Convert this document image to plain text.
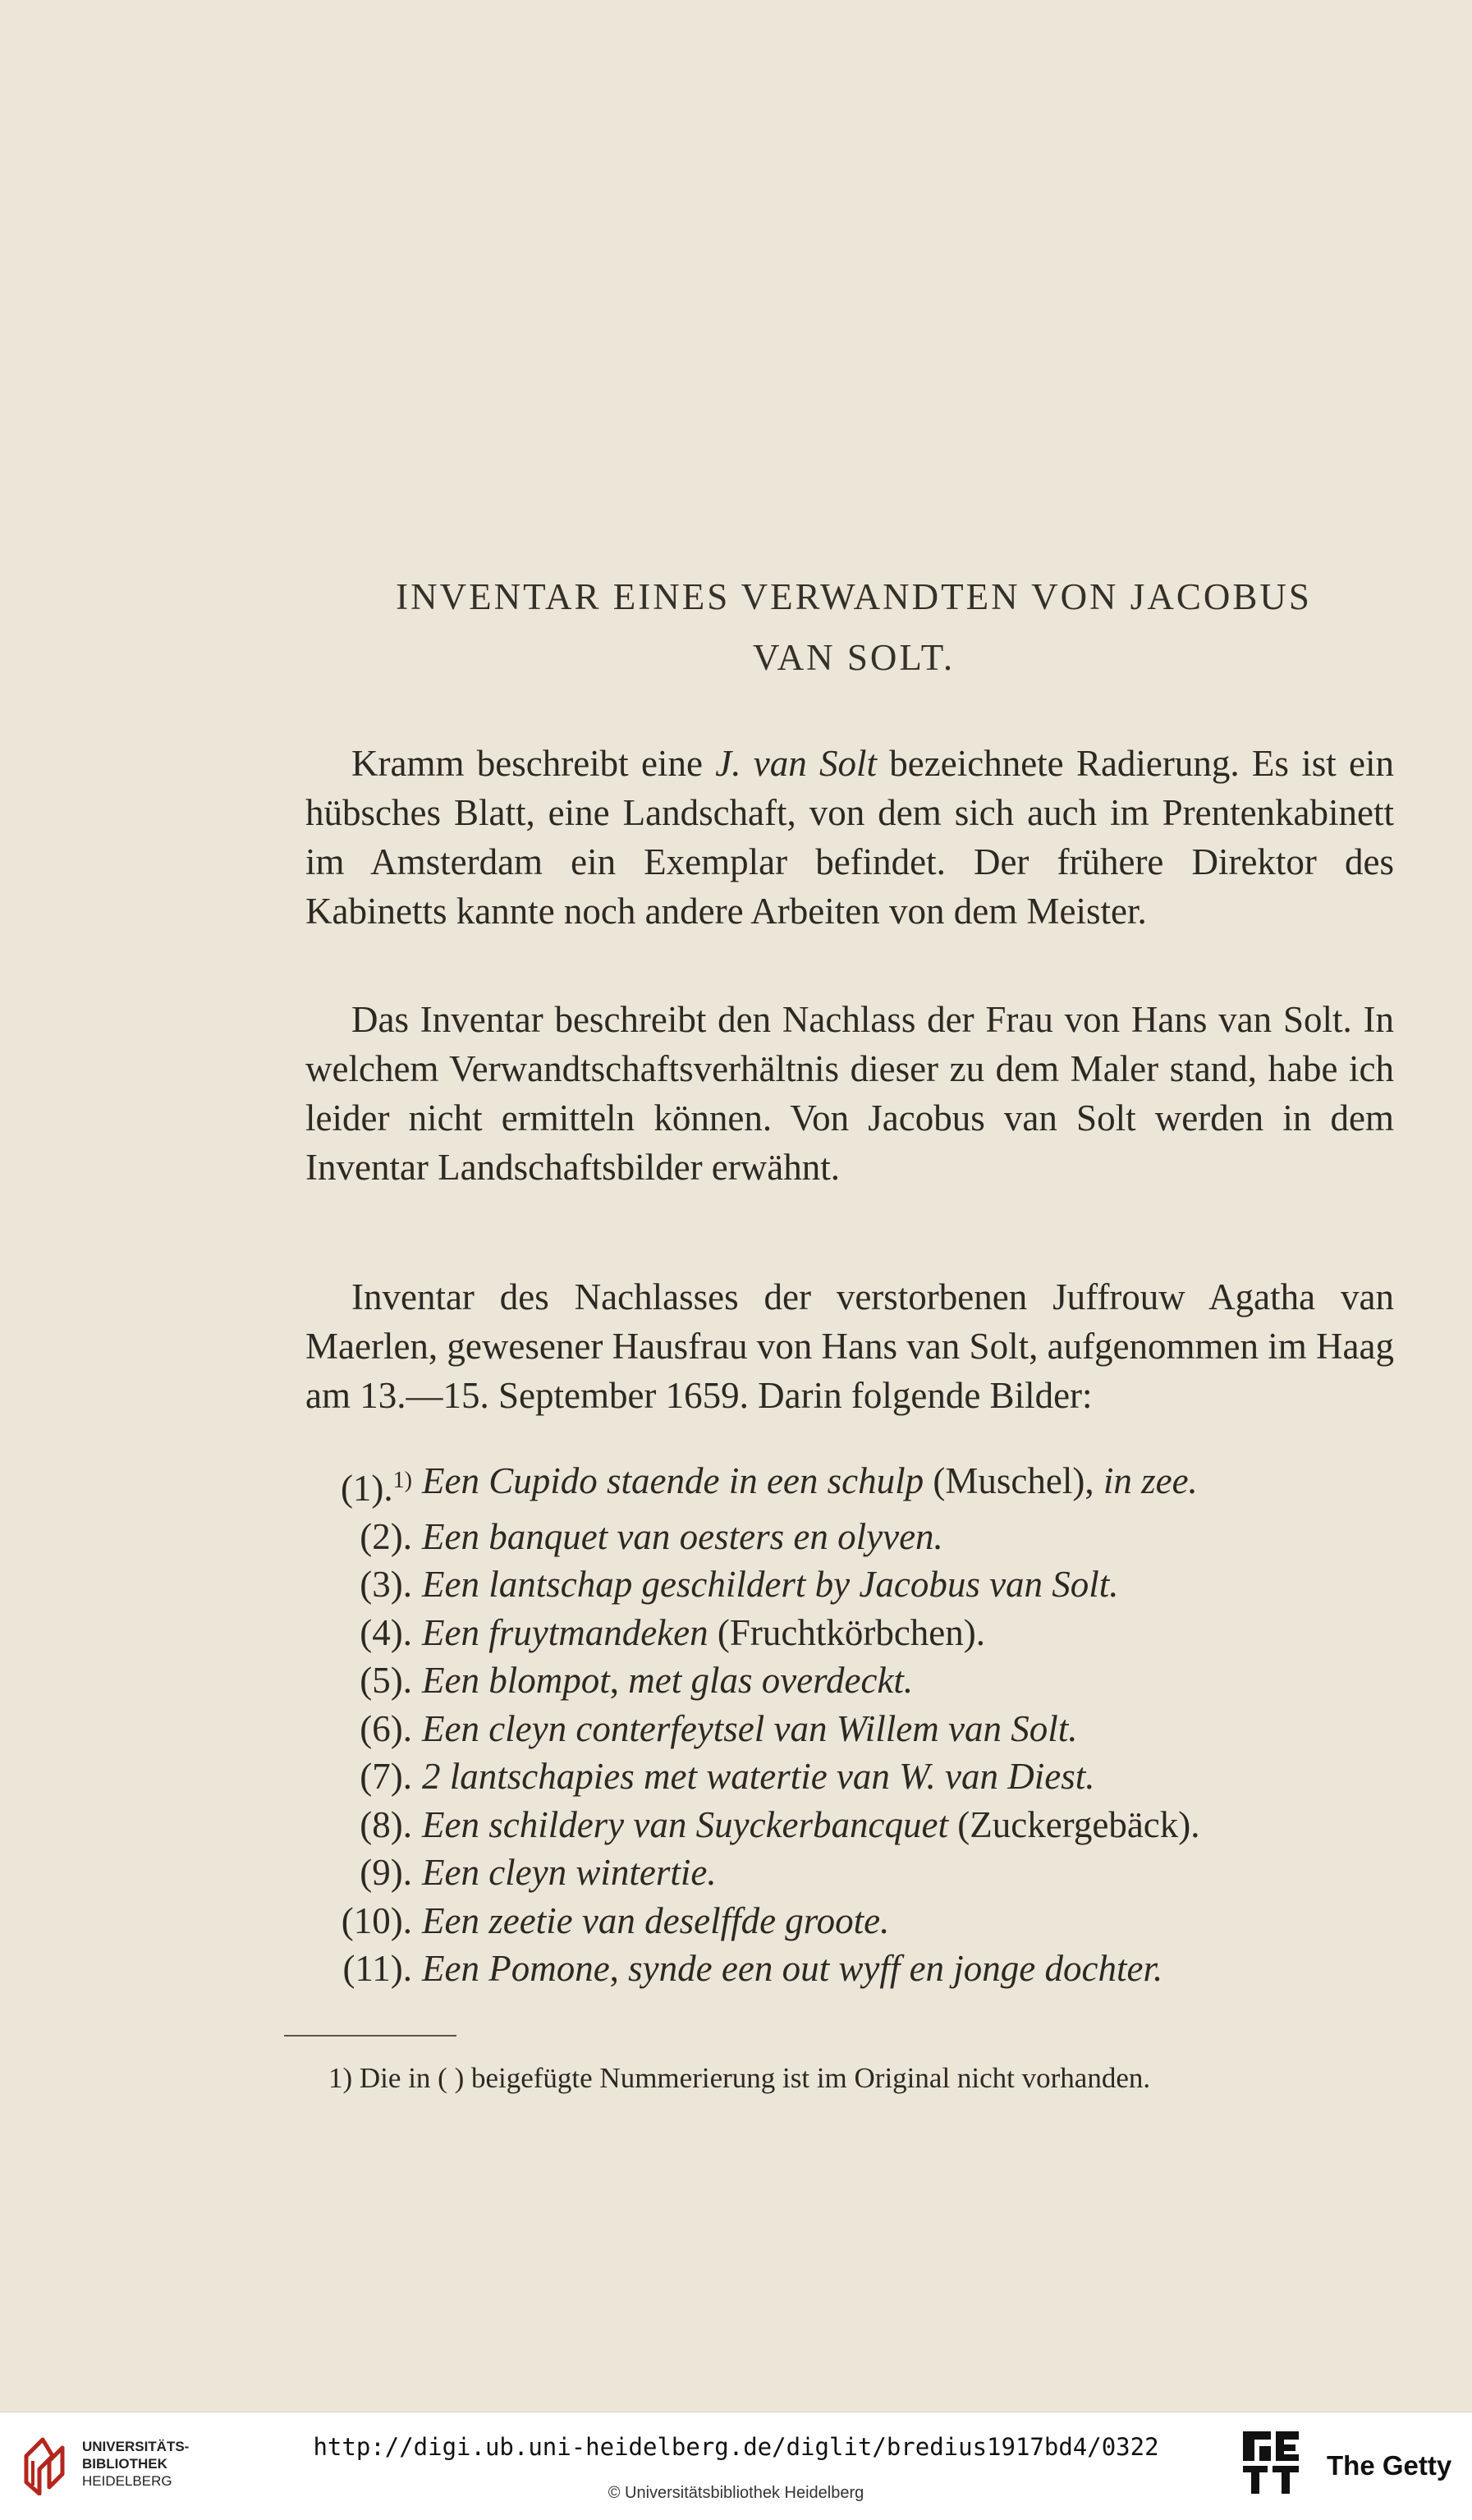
INVENTAR EINES VERWANDTEN VON JACOBUS
VAN SOLT.

Kramm beschreibt eine J. van Solt bezeichnete Radierung. Es ist ein hübsches Blatt, eine Landschaft, von dem sich auch im Prentenkabinett im Amsterdam ein Exemplar befindet. Der frühere Direktor des Kabinetts kannte noch andere Arbeiten von dem Meister.

Das Inventar beschreibt den Nachlass der Frau von Hans van Solt. In welchem Verwandtschaftsverhältnis dieser zu dem Maler stand, habe ich leider nicht ermitteln können. Von Jacobus van Solt werden in dem Inventar Landschaftsbilder erwähnt.

Inventar des Nachlasses der verstorbenen Juffrouw Agatha van Maerlen, gewesener Hausfrau von Hans van Solt, aufgenommen im Haag am 13.—15. September 1659. Darin folgende Bilder:

(1).$^{1)}$ Een Cupido staende in een schulp (Muschel), in zee.
(2). Een banquet van oesters en olyven.
(3). Een lantschap geschildert by Jacobus van Solt.
(4). Een fruytmandeken (Fruchtkörbchen).
(5). Een blompot, met glas overdeckt.
(6). Een cleyn conterfeytsel van Willem van Solt.
(7). 2 lantschapies met watertie van W. van Diest.
(8). Een schildery van Suyckerbancquet (Zuckergebäck).
(9). Een cleyn wintertie.
(10). Een zeetie van deselffde groote.
(11). Een Pomone, synde een out wyff en jonge dochter.
1) Die in ( ) beigefügte Nummerierung ist im Original nicht vorhanden.
UNIVERSITÄTS-
BIBLIOTHEK
HEIDELBERG
http://digi.ub.uni-heidelberg.de/diglit/bredius1917bd4/0322
© Universitätsbibliothek Heidelberg
The Getty
